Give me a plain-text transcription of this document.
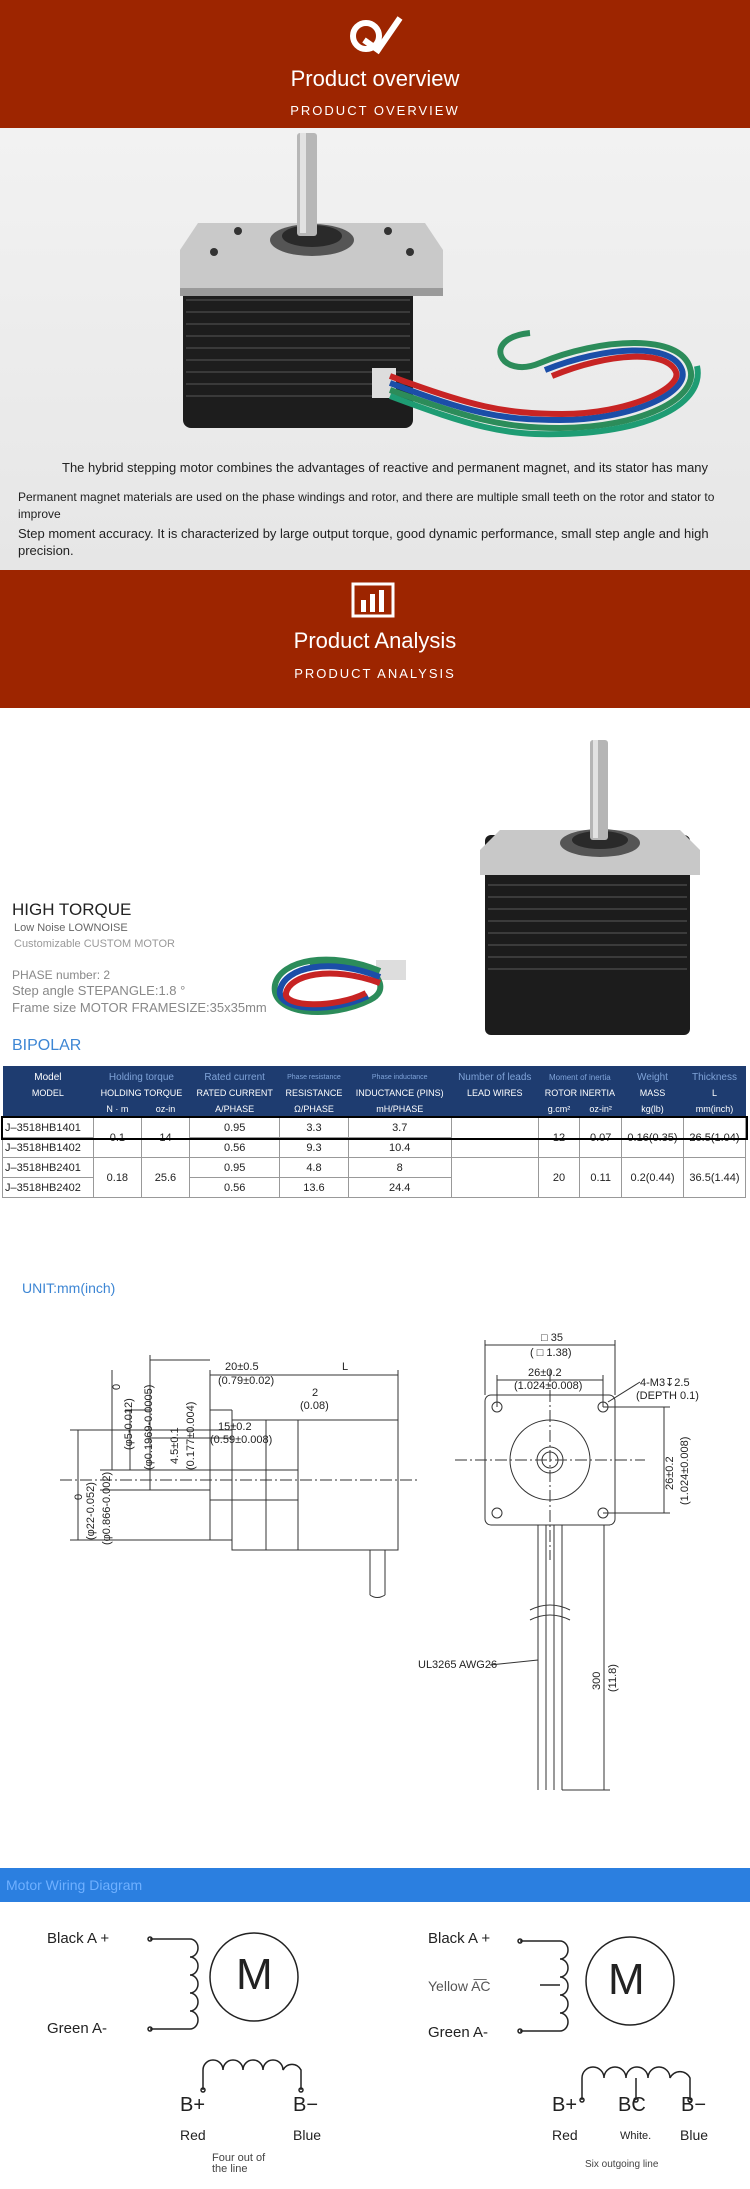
Product overview
PRODUCT OVERVIEW
The hybrid stepping motor combines the advantages of reactive and permanent magnet, and its stator has many
Permanent magnet materials are used on the phase windings and rotor, and there are multiple small teeth on the rotor and stator to improve
Step moment accuracy. It is characterized by large output torque, good dynamic performance, small step angle and high precision.
Product Analysis
PRODUCT ANALYSIS
HIGH TORQUE
Low Noise LOWNOISE
Customizable CUSTOM MOTOR
PHASE number: 2
Step angle STEPANGLE:1.8 °
Frame size MOTOR FRAMESIZE:35x35mm
BIPOLAR
Model	Holding torque		Rated current	Phase resistance	Phase inductance	Number of leads	Moment of inertia		Weight	Thickness
MODEL	HOLDING TORQUE		RATED CURRENT	RESISTANCE	INDUCTANCE (PINS)	LEAD WIRES	ROTOR INERTIA		MASS	L
	N · m	oz-in	A/PHASE	Ω/PHASE	mH/PHASE		g.cm²	oz-in²	kg(lb)	mm(inch)
J–3518HB1401	0.1	14	0.95	3.3	3.7		12	0.07	0.16(0.35)	26.5(1.04)
J–3518HB1402			0.56	9.3	10.4					
J–3518HB2401	0.18	25.6	0.95	4.8	8		20	0.11	0.2(0.44)	36.5(1.44)
J–3518HB2402			0.56	13.6	24.4					
UNIT:mm(inch)
20±0.5
(0.79±0.02)
L
2
(0.08)
15±0.2
(0.59±0.008)
0
(φ5-0.012) (φ0.1969-0.0005) 4.5±0.1 (0.177±0.004)
0 (φ22-0.052) (φ0.866-0.002)
□ 35
( □ 1.38)
26±0.2
(1.024±0.008)	4-M3↧2.5
(DEPTH 0.1)
26±0.2 (1.024±0.008)
300 (11.8)
UL3265 AWG26
Motor Wiring Diagram
M
Black A +
Green A-
B+	B−
Red	Blue
Four out of the line
M
Black A +
Yellow A͞C
Green A-
B+ BC B−
Red	White. Blue
Six outgoing line
